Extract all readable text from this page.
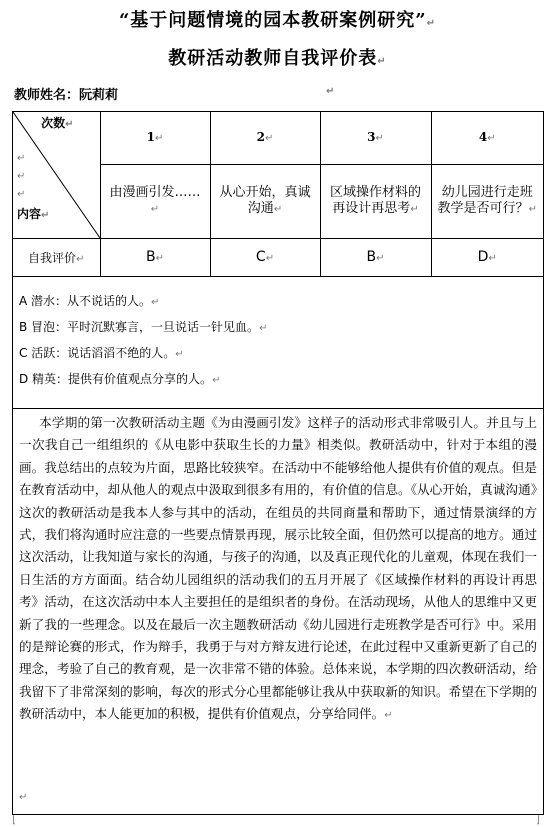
“基于问题情境的园本教研案例研究”↵
教研活动教师自我评价表↵
教师姓名：阮莉莉	↵
次数↵
↵
↵
↵
内容↵	1↵	2↵	3↵	4↵

	由漫画引发……↵	从心开始，真诚沟通↵	区域操作材料的再设计再思考↵	幼儿园进行走班教学是否可行？↵

自我评价↵	B↵	C↵	B↵	D↵
A 潜水：从不说话的人。↵
B 冒泡：平时沉默寡言，一旦说话一针见血。↵
C 活跃：说话滔滔不绝的人。↵
D 精英：提供有价值观点分享的人。↵

本学期的第一次教研活动主题《为由漫画引发》这样子的活动形式非常吸引人。并且与上一次我自己一组组织的《从电影中获取生长的力量》相类似。教研活动中，针对于本组的漫画。我总结出的点较为片面，思路比较狭窄。在活动中不能够给他人提供有价值的观点。但是在教育活动中，却从他人的观点中汲取到很多有用的，有价值的信息。《从心开始，真诚沟通》这次的教研活动是我本人参与其中的活动，在组员的共同商量和帮助下，通过情景演绎的方式，我们将沟通时应注意的一些要点情景再现，展示比较全面，但仍然可以提高的地方。通过这次活动，让我知道与家长的沟通，与孩子的沟通，以及真正现代化的儿童观，体现在我们一日生活的方方面面。结合幼儿园组织的活动我们的五月开展了《区域操作材料的再设计再思考》活动，在这次活动中本人主要担任的是组织者的身份。在活动现场，从他人的思维中又更新了我的一些理念。以及在最后一次主题教研活动《幼儿园进行走班教学是否可行》中。采用的是辩论赛的形式，作为辩手，我勇于与对方辩友进行论述，在此过程中又重新更新了自己的理念，考验了自己的教育观，是一次非常不错的体验。总体来说，本学期的四次教研活动，给我留下了非常深刻的影响，每次的形式分心里都能够让我从中获取新的知识。希望在下学期的教研活动中，本人能更加的积极，提供有价值观点，分享给同伴。↵

↵
⌊	⌋
